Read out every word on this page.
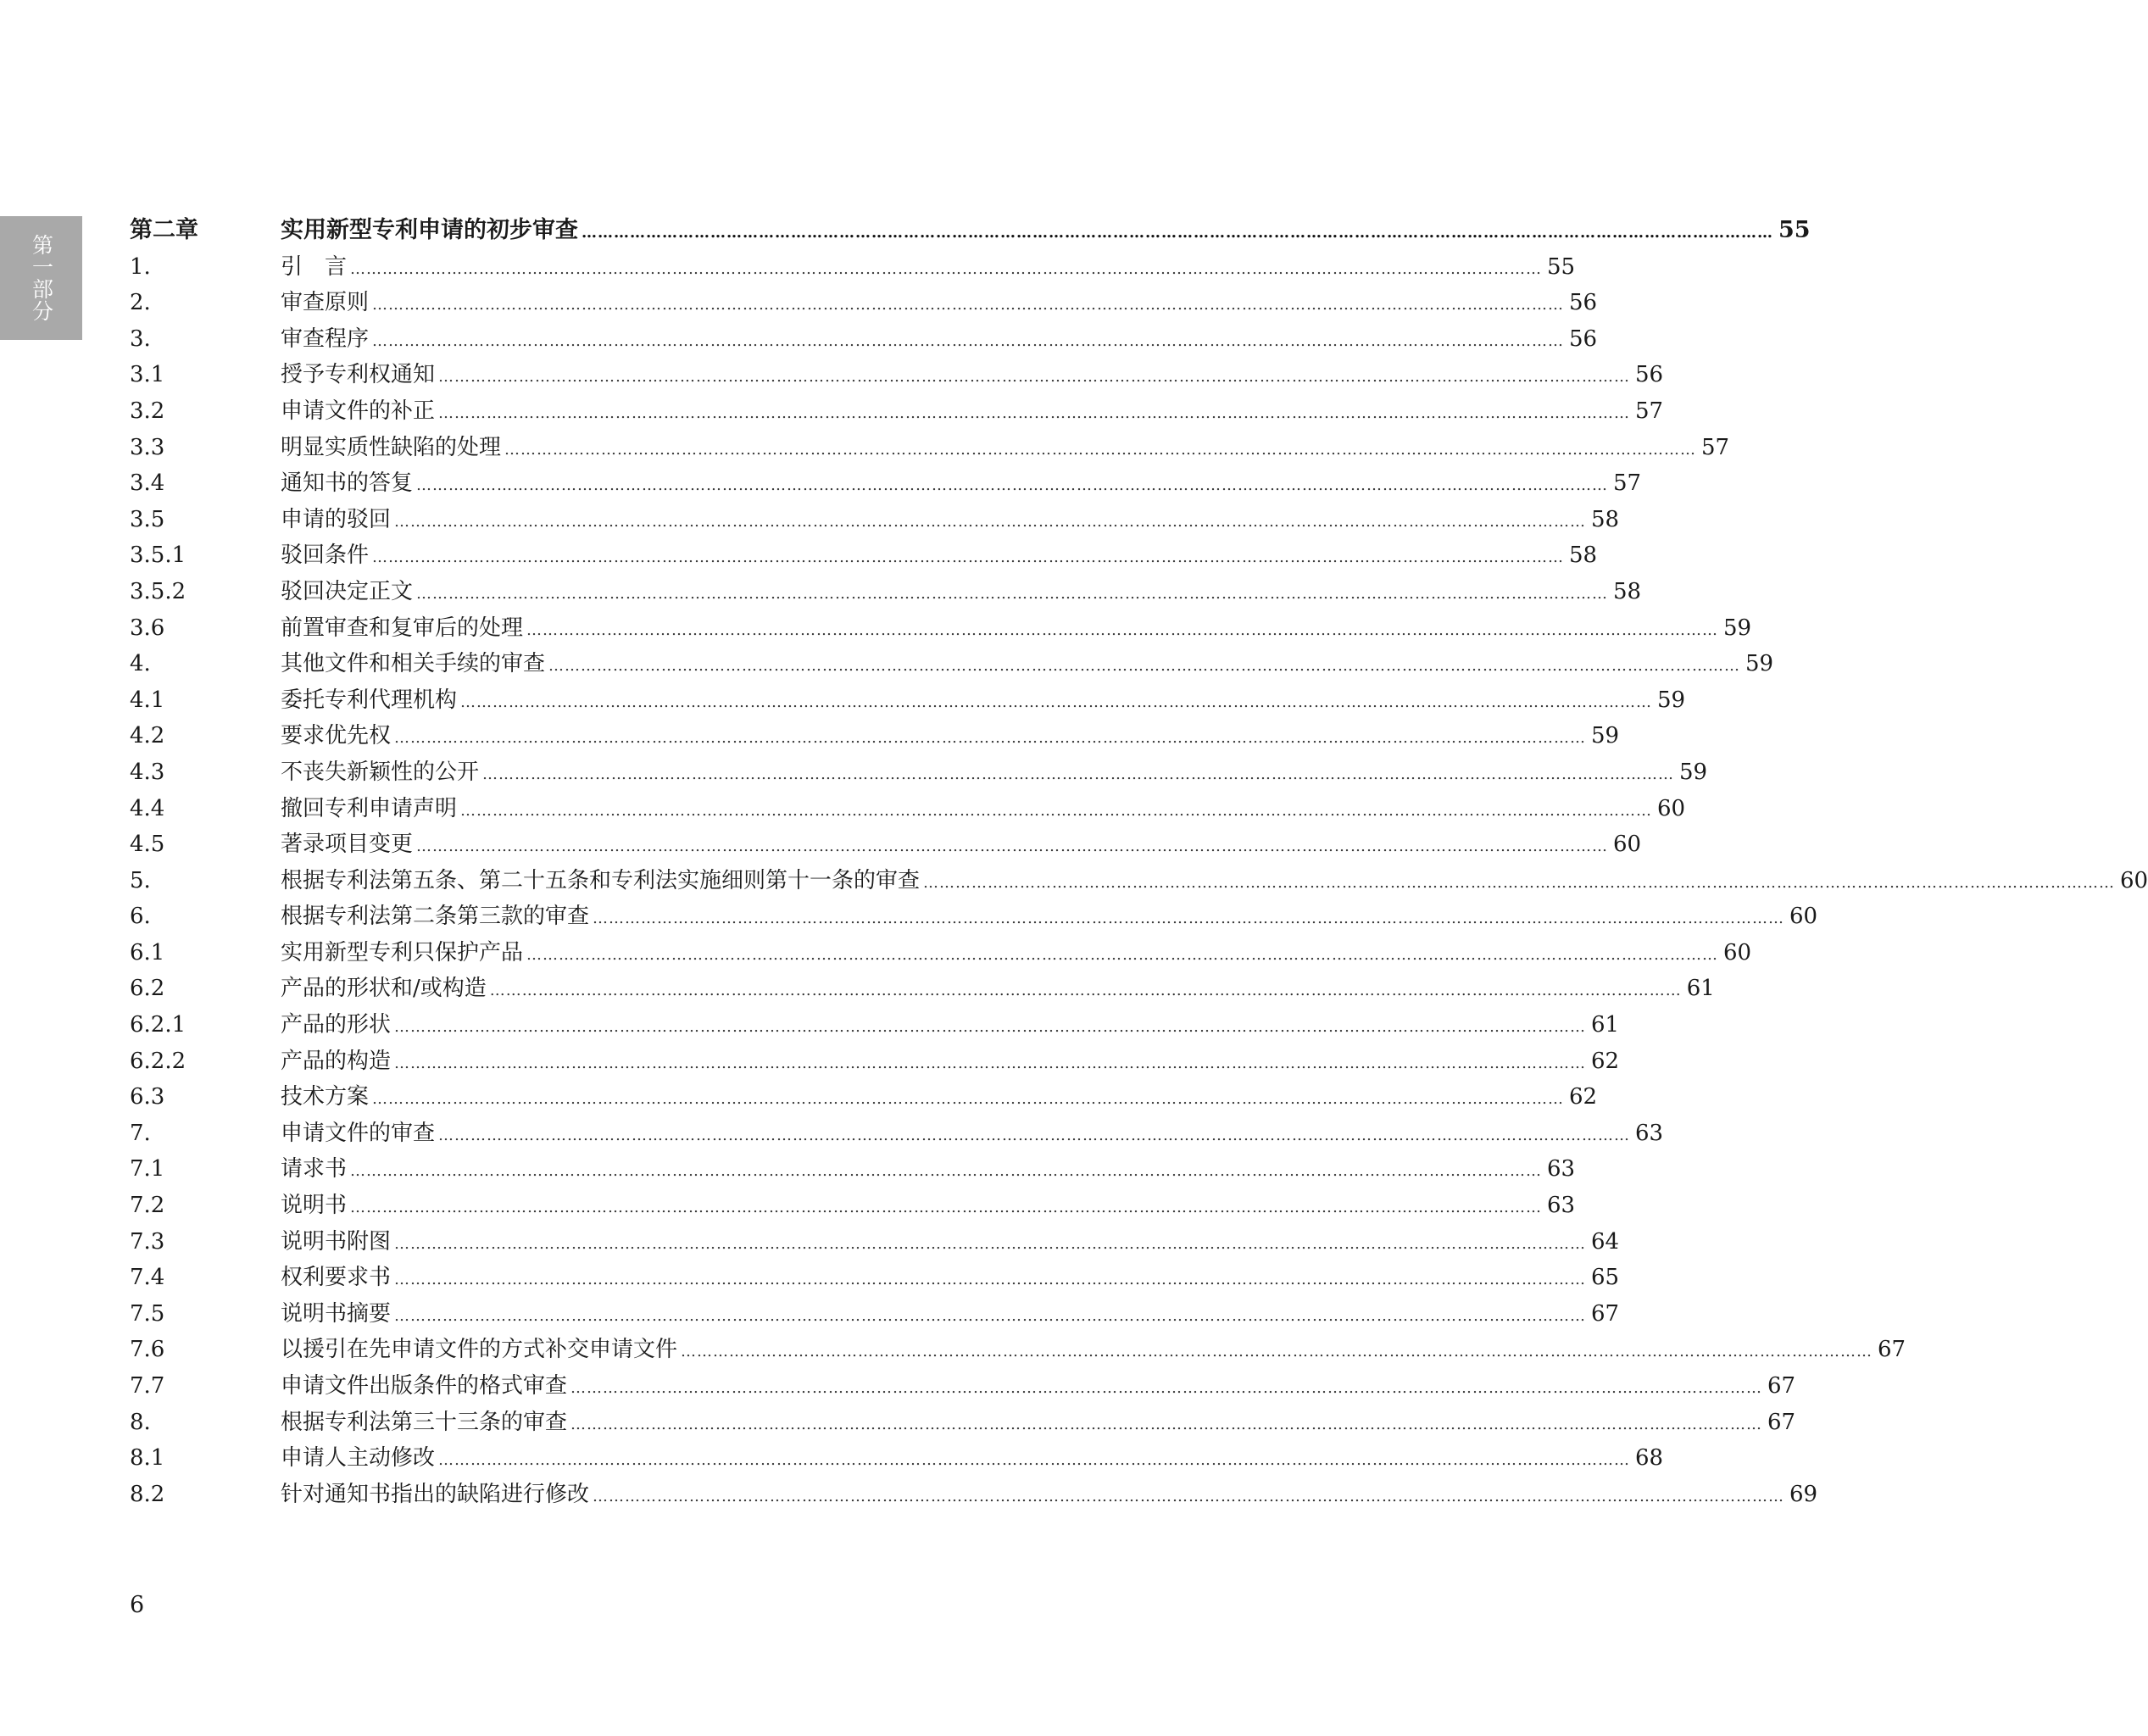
第一部分
第二章	实用新型专利申请的初步审查 …………………………………………………………………………………………………………………………………………………………………………………………………… 55
1.	引　言 …………………………………………………………………………………………………………………………………………………………………………………………………… 55
2.	审查原则 …………………………………………………………………………………………………………………………………………………………………………………………………… 56
3.	审查程序 …………………………………………………………………………………………………………………………………………………………………………………………………… 56
3.1	授予专利权通知 …………………………………………………………………………………………………………………………………………………………………………………………………… 56
3.2	申请文件的补正 …………………………………………………………………………………………………………………………………………………………………………………………………… 57
3.3	明显实质性缺陷的处理 …………………………………………………………………………………………………………………………………………………………………………………………………… 57
3.4	通知书的答复 …………………………………………………………………………………………………………………………………………………………………………………………………… 57
3.5	申请的驳回 …………………………………………………………………………………………………………………………………………………………………………………………………… 58
3.5.1	驳回条件 …………………………………………………………………………………………………………………………………………………………………………………………………… 58
3.5.2	驳回决定正文 …………………………………………………………………………………………………………………………………………………………………………………………………… 58
3.6	前置审查和复审后的处理 …………………………………………………………………………………………………………………………………………………………………………………………………… 59
4.	其他文件和相关手续的审查 …………………………………………………………………………………………………………………………………………………………………………………………………… 59
4.1	委托专利代理机构 …………………………………………………………………………………………………………………………………………………………………………………………………… 59
4.2	要求优先权 …………………………………………………………………………………………………………………………………………………………………………………………………… 59
4.3	不丧失新颖性的公开 …………………………………………………………………………………………………………………………………………………………………………………………………… 59
4.4	撤回专利申请声明 …………………………………………………………………………………………………………………………………………………………………………………………………… 60
4.5	著录项目变更 …………………………………………………………………………………………………………………………………………………………………………………………………… 60
5.	根据专利法第五条、第二十五条和专利法实施细则第十一条的审查 …………………………………………………………………………………………………………………………………………………………………………………………………… 60
6.	根据专利法第二条第三款的审查 …………………………………………………………………………………………………………………………………………………………………………………………………… 60
6.1	实用新型专利只保护产品 …………………………………………………………………………………………………………………………………………………………………………………………………… 60
6.2	产品的形状和/或构造 …………………………………………………………………………………………………………………………………………………………………………………………………… 61
6.2.1	产品的形状 …………………………………………………………………………………………………………………………………………………………………………………………………… 61
6.2.2	产品的构造 …………………………………………………………………………………………………………………………………………………………………………………………………… 62
6.3	技术方案 …………………………………………………………………………………………………………………………………………………………………………………………………… 62
7.	申请文件的审查 …………………………………………………………………………………………………………………………………………………………………………………………………… 63
7.1	请求书 …………………………………………………………………………………………………………………………………………………………………………………………………… 63
7.2	说明书 …………………………………………………………………………………………………………………………………………………………………………………………………… 63
7.3	说明书附图 …………………………………………………………………………………………………………………………………………………………………………………………………… 64
7.4	权利要求书 …………………………………………………………………………………………………………………………………………………………………………………………………… 65
7.5	说明书摘要 …………………………………………………………………………………………………………………………………………………………………………………………………… 67
7.6	以援引在先申请文件的方式补交申请文件 …………………………………………………………………………………………………………………………………………………………………………………………………… 67
7.7	申请文件出版条件的格式审查 …………………………………………………………………………………………………………………………………………………………………………………………………… 67
8.	根据专利法第三十三条的审查 …………………………………………………………………………………………………………………………………………………………………………………………………… 67
8.1	申请人主动修改 …………………………………………………………………………………………………………………………………………………………………………………………………… 68
8.2	针对通知书指出的缺陷进行修改 …………………………………………………………………………………………………………………………………………………………………………………………………… 69
6
